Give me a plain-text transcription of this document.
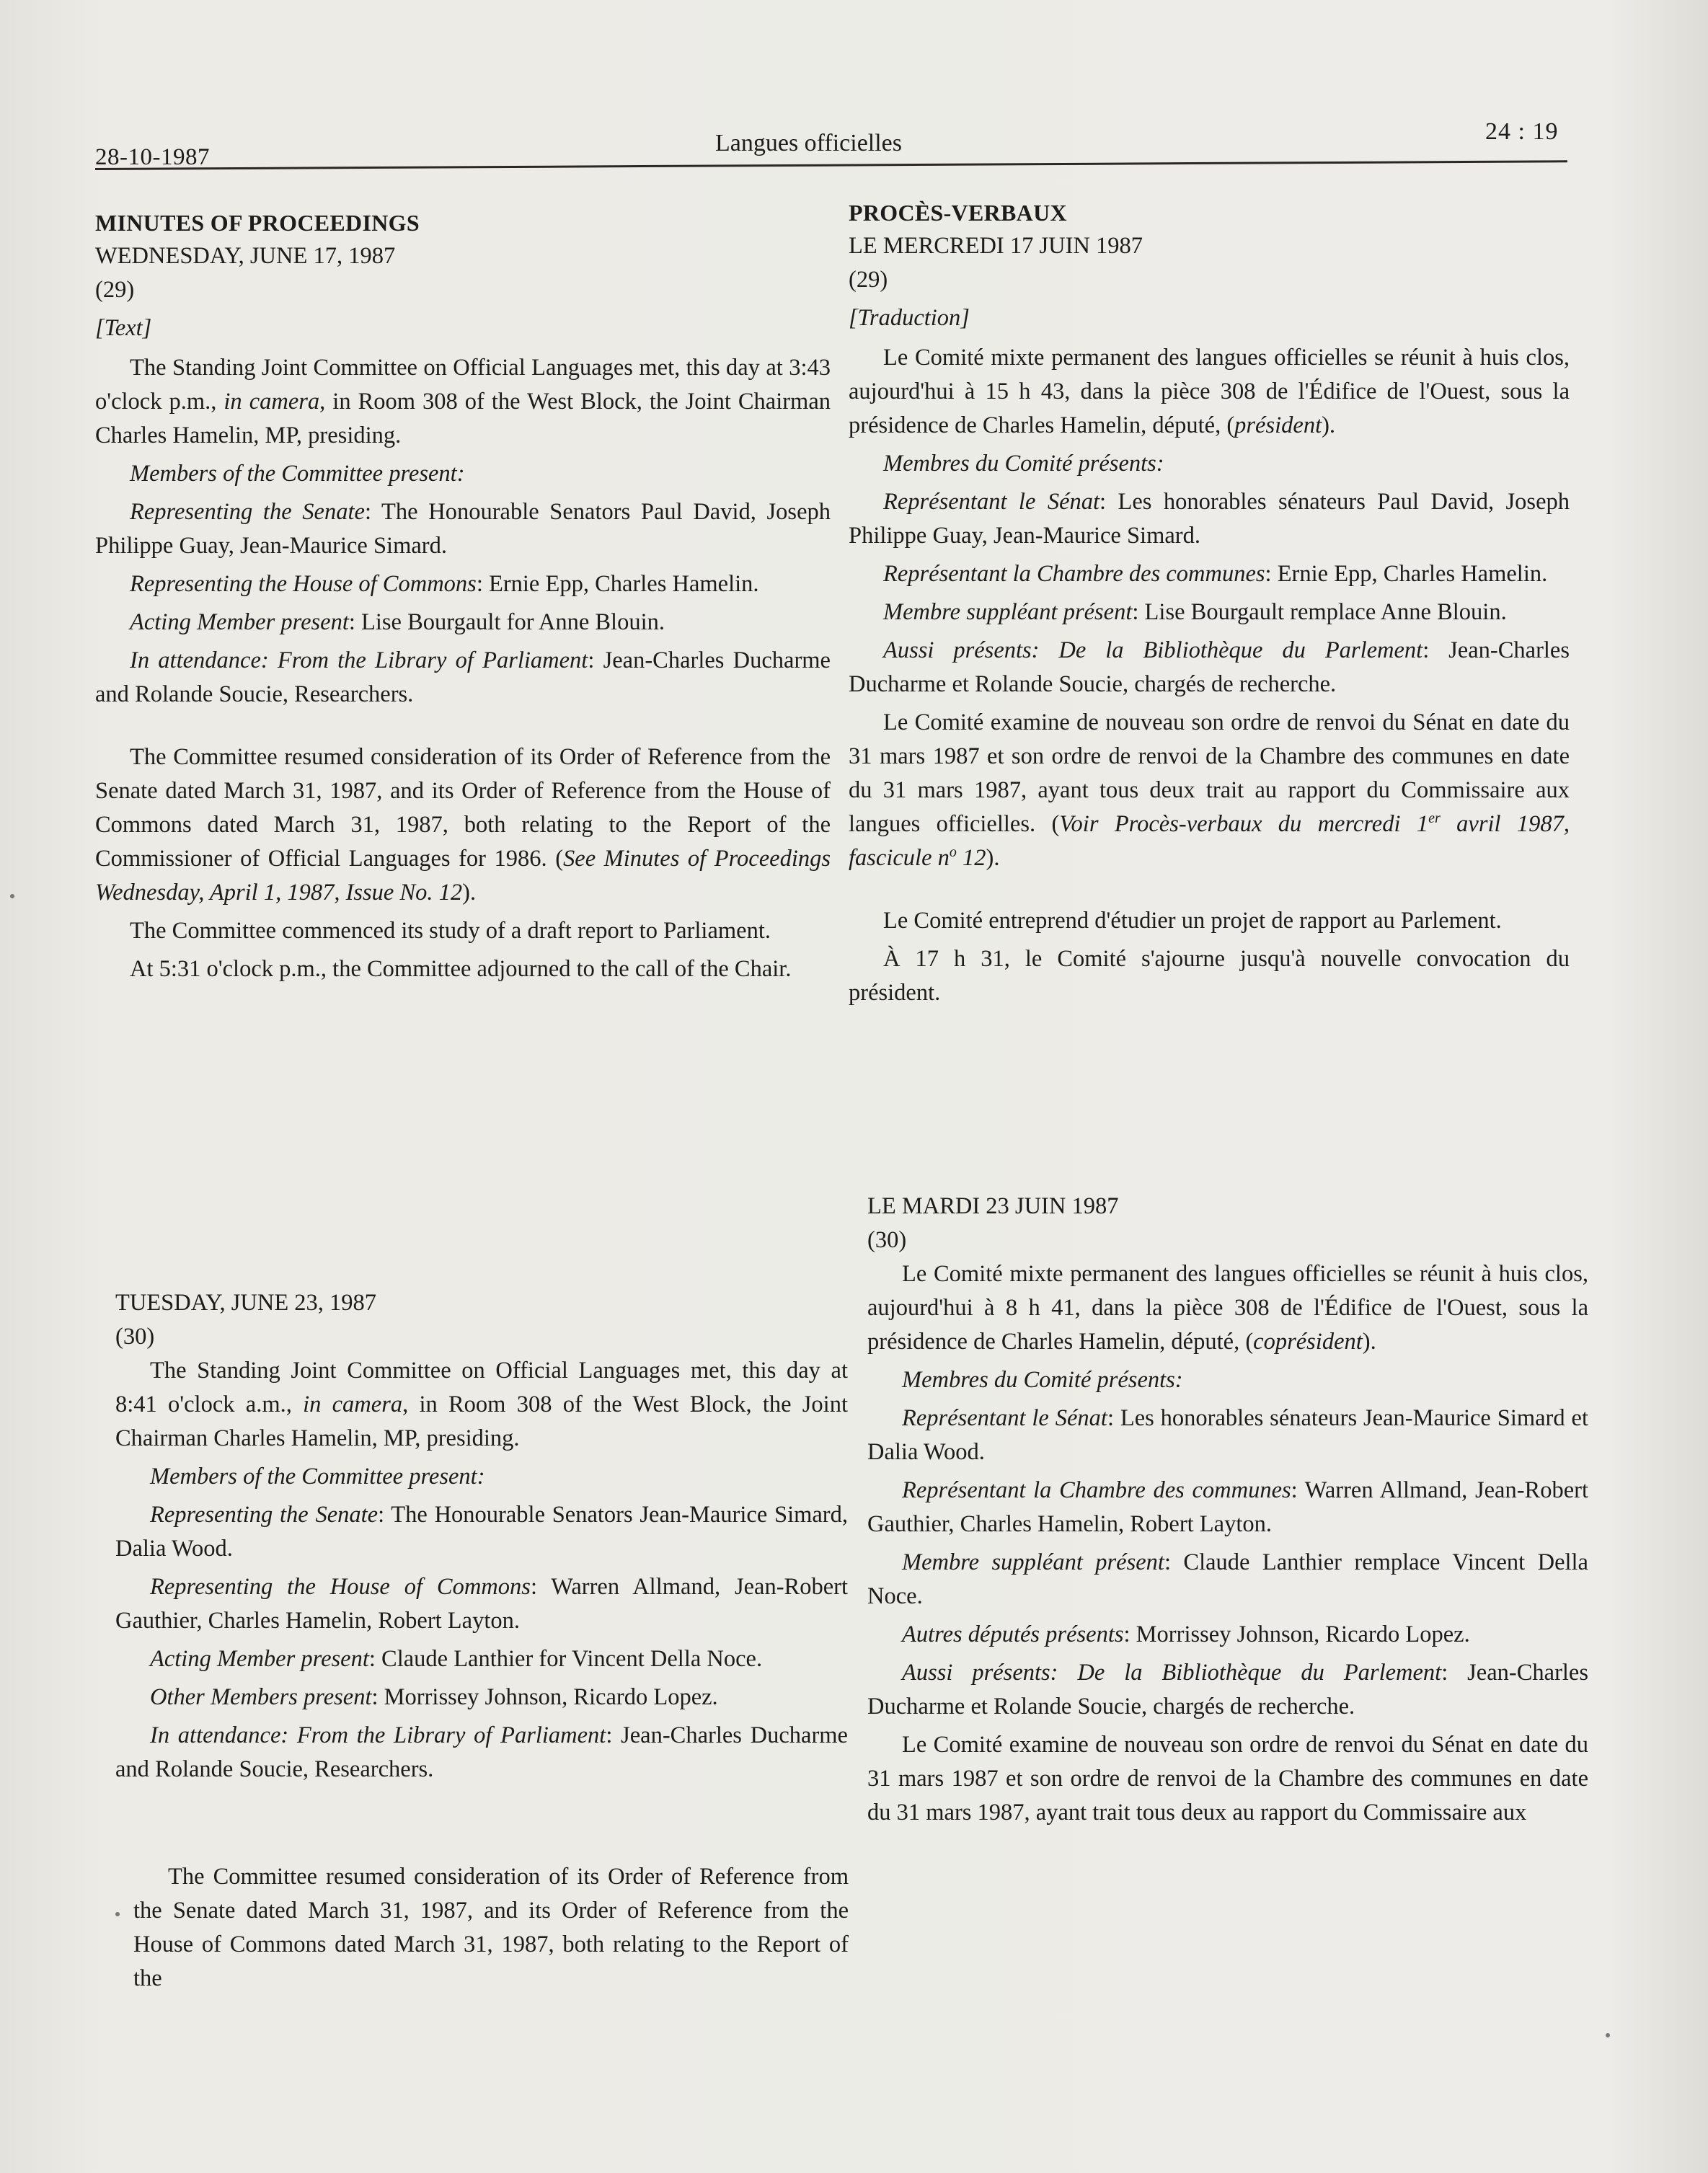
28-10-1987
Langues officielles	24 : 19

MINUTES OF PROCEEDINGS

WEDNESDAY, JUNE 17, 1987

(29)

[Text]

The Standing Joint Committee on Official Languages met, this day at 3:43 o'clock p.m., in camera, in Room 308 of the West Block, the Joint Chairman Charles Hamelin, MP, presiding.

Members of the Committee present:

Representing the Senate: The Honourable Senators Paul David, Joseph Philippe Guay, Jean-Maurice Simard.

Representing the House of Commons: Ernie Epp, Charles Hamelin.

Acting Member present: Lise Bourgault for Anne Blouin.

In attendance: From the Library of Parliament: Jean-Charles Ducharme and Rolande Soucie, Researchers.

The Committee resumed consideration of its Order of Reference from the Senate dated March 31, 1987, and its Order of Reference from the House of Commons dated March 31, 1987, both relating to the Report of the Commissioner of Official Languages for 1986. (See Minutes of Proceedings Wednesday, April 1, 1987, Issue No. 12).

The Committee commenced its study of a draft report to Parliament.

At 5:31 o'clock p.m., the Committee adjourned to the call of the Chair.

TUESDAY, JUNE 23, 1987

(30)

The Standing Joint Committee on Official Languages met, this day at 8:41 o'clock a.m., in camera, in Room 308 of the West Block, the Joint Chairman Charles Hamelin, MP, presiding.

Members of the Committee present:

Representing the Senate: The Honourable Senators Jean-Maurice Simard, Dalia Wood.

Representing the House of Commons: Warren Allmand, Jean-Robert Gauthier, Charles Hamelin, Robert Layton.

Acting Member present: Claude Lanthier for Vincent Della Noce.

Other Members present: Morrissey Johnson, Ricardo Lopez.

In attendance: From the Library of Parliament: Jean-Charles Ducharme and Rolande Soucie, Researchers.

The Committee resumed consideration of its Order of Reference from the Senate dated March 31, 1987, and its Order of Reference from the House of Commons dated March 31, 1987, both relating to the Report of the

PROCÈS-VERBAUX

LE MERCREDI 17 JUIN 1987

(29)

[Traduction]

Le Comité mixte permanent des langues officielles se réunit à huis clos, aujourd'hui à 15 h 43, dans la pièce 308 de l'Édifice de l'Ouest, sous la présidence de Charles Hamelin, député, (président).

Membres du Comité présents:

Représentant le Sénat: Les honorables sénateurs Paul David, Joseph Philippe Guay, Jean-Maurice Simard.

Représentant la Chambre des communes: Ernie Epp, Charles Hamelin.

Membre suppléant présent: Lise Bourgault remplace Anne Blouin.

Aussi présents: De la Bibliothèque du Parlement: Jean-Charles Ducharme et Rolande Soucie, chargés de recherche.

Le Comité examine de nouveau son ordre de renvoi du Sénat en date du 31 mars 1987 et son ordre de renvoi de la Chambre des communes en date du 31 mars 1987, ayant tous deux trait au rapport du Commissaire aux langues officielles. (Voir Procès-verbaux du mercredi 1er avril 1987, fascicule $n^o$ 12).

Le Comité entreprend d'étudier un projet de rapport au Parlement.

À 17 h 31, le Comité s'ajourne jusqu'à nouvelle convocation du président.

LE MARDI 23 JUIN 1987

(30)

Le Comité mixte permanent des langues officielles se réunit à huis clos, aujourd'hui à 8 h 41, dans la pièce 308 de l'Édifice de l'Ouest, sous la présidence de Charles Hamelin, député, (coprésident).

Membres du Comité présents:

Représentant le Sénat: Les honorables sénateurs Jean-Maurice Simard et Dalia Wood.

Représentant la Chambre des communes: Warren Allmand, Jean-Robert Gauthier, Charles Hamelin, Robert Layton.

Membre suppléant présent: Claude Lanthier remplace Vincent Della Noce.

Autres députés présents: Morrissey Johnson, Ricardo Lopez.

Aussi présents: De la Bibliothèque du Parlement: Jean-Charles Ducharme et Rolande Soucie, chargés de recherche.

Le Comité examine de nouveau son ordre de renvoi du Sénat en date du 31 mars 1987 et son ordre de renvoi de la Chambre des communes en date du 31 mars 1987, ayant trait tous deux au rapport du Commissaire aux
